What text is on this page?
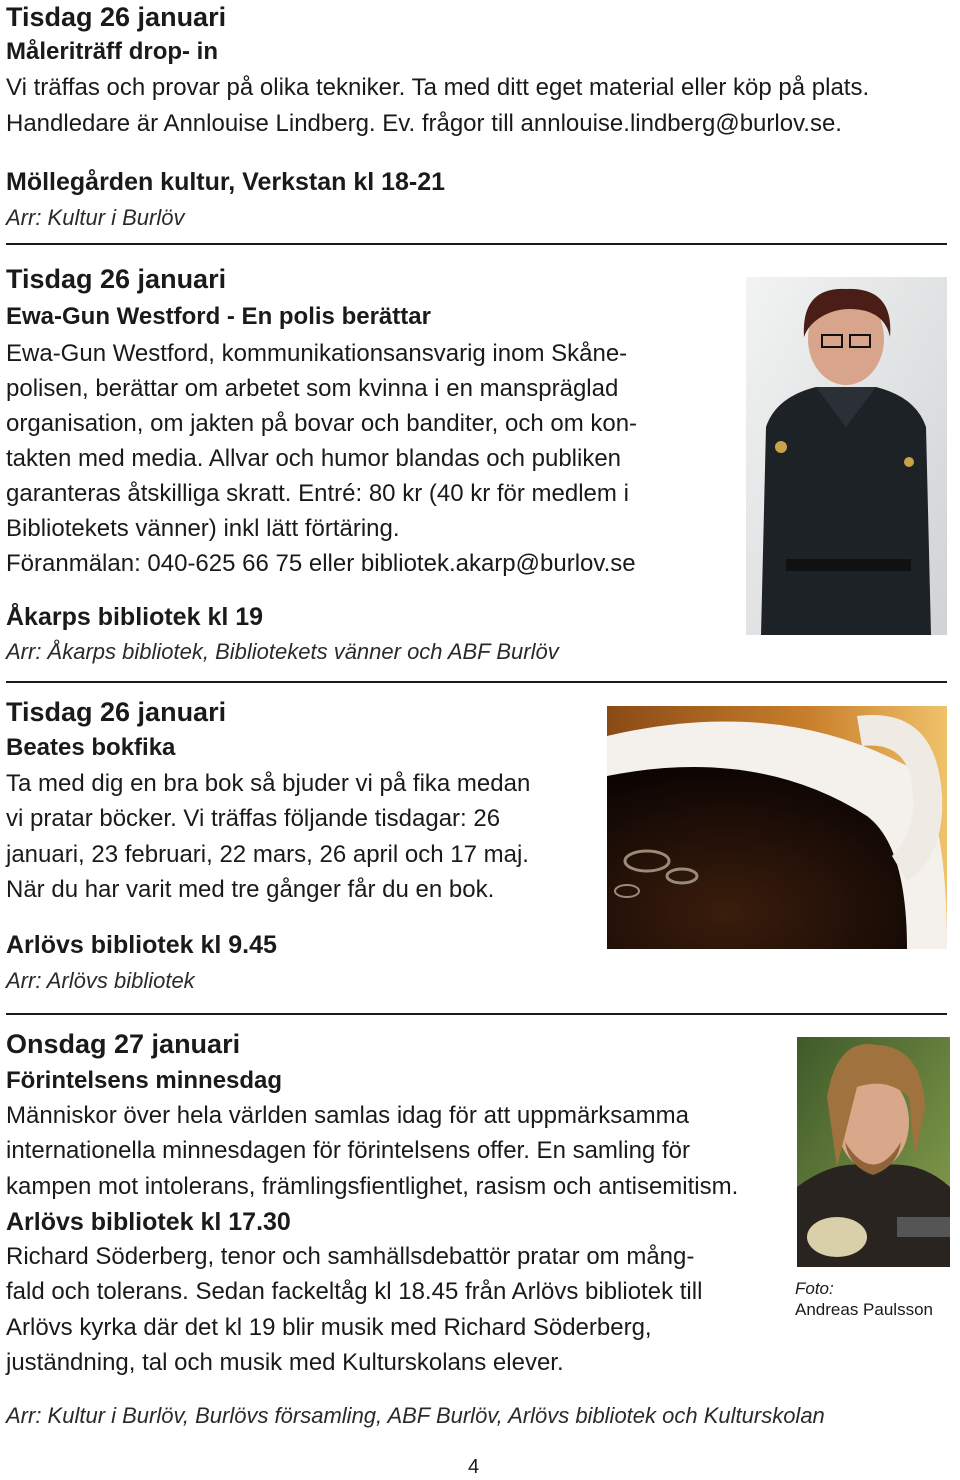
Tisdag 26 januari
Måleriträff drop- in
Vi träffas och provar på olika tekniker. Ta med ditt eget material eller köp på plats.
Handledare är Annlouise Lindberg. Ev. frågor till annlouise.lindberg@burlov.se.
Möllegården kultur, Verkstan kl 18-21
Arr: Kultur i Burlöv
Tisdag 26 januari
Ewa-Gun Westford - En polis berättar
Ewa-Gun Westford, kommunikationsansvarig inom Skåne-
polisen, berättar om arbetet som kvinna i en manspräglad
organisation, om jakten på bovar och banditer, och om kon-
takten med media. Allvar och humor blandas och publiken
garanteras åtskilliga skratt. Entré: 80 kr (40 kr för medlem i
Bibliotekets vänner) inkl lätt förtäring.
Föranmälan: 040-625 66 75 eller bibliotek.akarp@burlov.se
Åkarps bibliotek kl 19
Arr: Åkarps bibliotek, Bibliotekets vänner och ABF Burlöv
Tisdag 26 januari
Beates bokfika
Ta med dig en bra bok så bjuder vi på fika medan
vi pratar böcker. Vi träffas följande tisdagar: 26
januari, 23 februari, 22 mars, 26 april och 17 maj.
När du har varit med tre gånger får du en bok.
Arlövs bibliotek kl 9.45
Arr: Arlövs bibliotek
Onsdag 27 januari
Förintelsens minnesdag
Människor över hela världen samlas idag för att uppmärksamma
internationella minnesdagen för förintelsens offer. En samling för
kampen mot intolerans, främlingsfientlighet, rasism och antisemitism.
Arlövs bibliotek kl 17.30
Richard Söderberg, tenor och samhällsdebattör pratar om mång-
fald och tolerans. Sedan fackeltåg kl 18.45 från Arlövs bibliotek till
Arlövs kyrka där det kl 19 blir musik med Richard Söderberg,
juständning, tal och musik med Kulturskolans elever.
Arr: Kultur i Burlöv, Burlövs församling, ABF Burlöv, Arlövs bibliotek och Kulturskolan
Foto:
Andreas Paulsson
4
